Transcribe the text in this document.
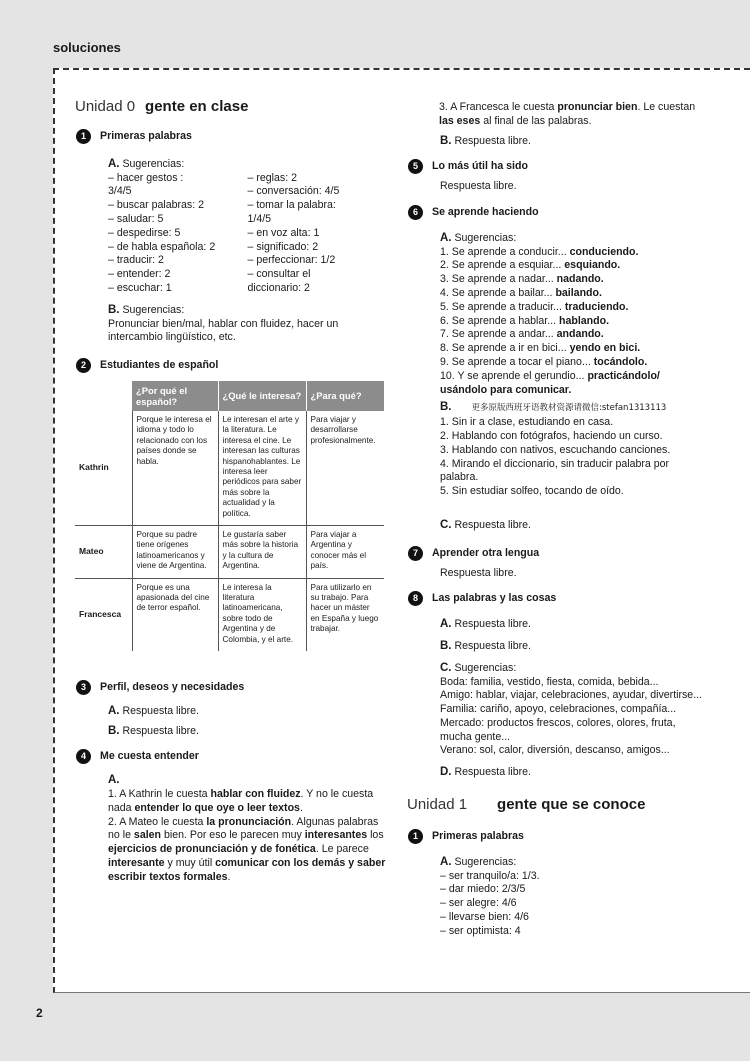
soluciones
2
Unidad 0 gente en clase
1	Primeras palabras
A. Sugerencias:
– hacer gestos :
3/4/5
– buscar palabras: 2
– saludar: 5
– despedirse: 5
– de habla española: 2
– traducir: 2
– entender: 2
– escuchar: 1
– reglas: 2
– conversación: 4/5
– tomar la palabra:
1/4/5
– en voz alta: 1
– significado: 2
– perfeccionar: 1/2
– consultar el
diccionario: 2
B. Sugerencias:
Pronunciar bien/mal, hablar con fluidez, hacer un intercambio lingüístico, etc.
2	Estudiantes de español
	¿Por qué el español?	¿Qué le interesa?	¿Para qué?
Kathrin	Porque le interesa el idioma y todo lo relacionado con los países donde se habla.	Le interesan el arte y la literatura. Le interesa el cine. Le interesan las culturas hispanohablantes. Le interesa leer periódicos para saber más sobre la actualidad y la política.	Para viajar y desarrollarse profesionalmente.
Mateo	Porque su padre tiene orígenes latinoamericanos y viene de Argentina.	Le gustaría saber más sobre la historia y la cultura de Argentina.	Para viajar a Argentina y conocer más el país.
Francesca	Porque es una apasionada del cine de terror español.	Le interesa la literatura latinoamericana, sobre todo de Argentina y de Colombia, y el arte.	Para utilizarlo en su trabajo. Para hacer un máster en España y luego trabajar.
3	Perfil, deseos y necesidades
A. Respuesta libre.
B. Respuesta libre.
4	Me cuesta entender
A.
1. A Kathrin le cuesta hablar con fluidez. Y no le cuesta nada entender lo que oye o leer textos.
2. A Mateo le cuesta la pronunciación. Algunas palabras no le salen bien. Por eso le parecen muy interesantes los ejercicios de pronunciación y de fonética. Le parece interesante y muy útil comunicar con los demás y saber escribir textos formales.
3. A Francesca le cuesta pronunciar bien. Le cuestan las eses al final de las palabras.
B. Respuesta libre.
5	Lo más útil ha sido
Respuesta libre.
6	Se aprende haciendo
A. Sugerencias:
1. Se aprende a conducir... conduciendo.
2. Se aprende a esquiar... esquiando.
3. Se aprende a nadar... nadando.
4. Se aprende a bailar... bailando.
5. Se aprende a traducir... traduciendo.
6. Se aprende a hablar... hablando.
7. Se aprende a andar... andando.
8. Se aprende a ir en bici... yendo en bici.
9. Se aprende a tocar el piano... tocándolo.
10. Y se aprende el gerundio... practicándolo/ usándolo para comunicar.
B. 更多原版西班牙语教材资源请微信:stefan1313113
1. Sin ir a clase, estudiando en casa.
2. Hablando con fotógrafos, haciendo un curso.
3. Hablando con nativos, escuchando canciones.
4. Mirando el diccionario, sin traducir palabra por palabra.
5. Sin estudiar solfeo, tocando de oído.
C. Respuesta libre.
7	Aprender otra lengua
Respuesta libre.
8	Las palabras y las cosas
A. Respuesta libre.
B. Respuesta libre.
C. Sugerencias:
Boda: familia, vestido, fiesta, comida, bebida...
Amigo: hablar, viajar, celebraciones, ayudar, divertirse...
Familia: cariño, apoyo, celebraciones, compañía...
Mercado: productos frescos, colores, olores, fruta, mucha gente...
Verano: sol, calor, diversión, descanso, amigos...
D. Respuesta libre.
Unidad 1 gente que se conoce
1	Primeras palabras
A. Sugerencias:
– ser tranquilo/a: 1/3.
– dar miedo: 2/3/5
– ser alegre: 4/6
– llevarse bien: 4/6
– ser optimista: 4
